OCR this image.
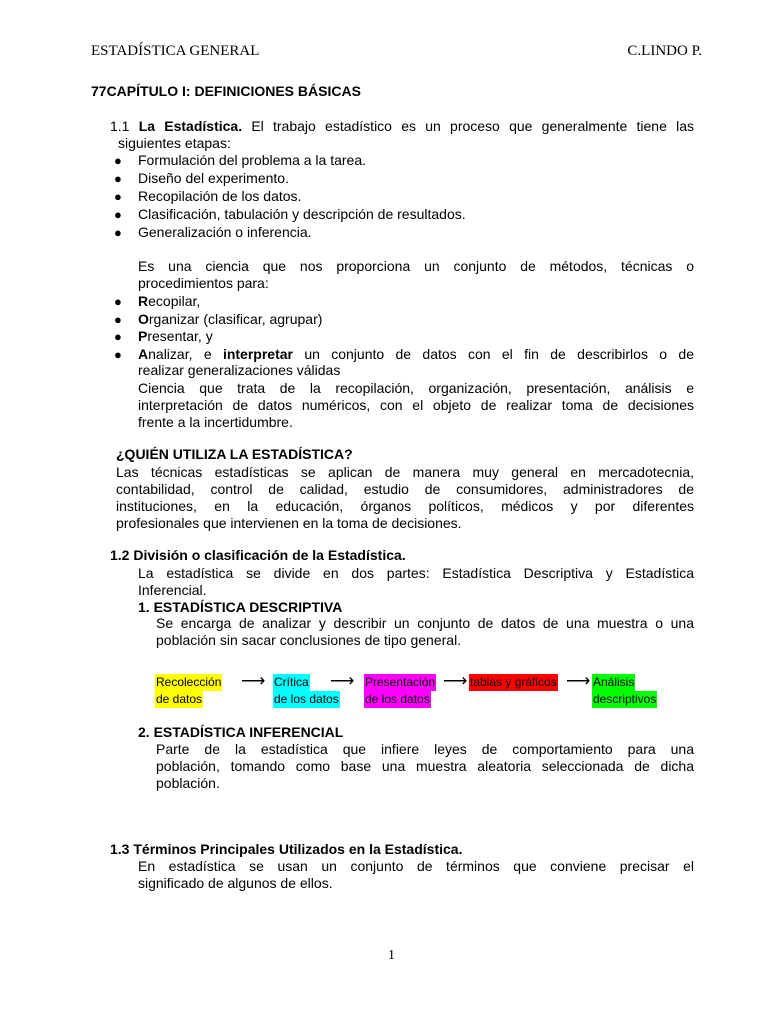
ESTADÍSTICA GENERAL	C.LINDO P.
77CAPÍTULO I: DEFINICIONES BÁSICAS
1.1 La Estadística. El trabajo estadístico es un proceso que generalmente tiene las
siguientes etapas:
● Formulación del problema a la tarea.
● Diseño del experimento.
● Recopilación de los datos.
● Clasificación, tabulación y descripción de resultados.
● Generalización o inferencia.
Es una ciencia que nos proporciona un conjunto de métodos, técnicas o
procedimientos para:
● Recopilar,
● Organizar (clasificar, agrupar)
● Presentar, y
● Analizar, e interpretar un conjunto de datos con el fin de describirlos o de
realizar generalizaciones válidas
Ciencia que trata de la recopilación, organización, presentación, análisis e
interpretación de datos numéricos, con el objeto de realizar toma de decisiones
frente a la incertidumbre.
¿QUIÉN UTILIZA LA ESTADÍSTICA?
Las técnicas estadísticas se aplican de manera muy general en mercadotecnia,
contabilidad, control de calidad, estudio de consumidores, administradores de
instituciones, en la educación, órganos políticos, médicos y por diferentes
profesionales que intervienen en la toma de decisiones.
1.2 División o clasificación de la Estadística.
La estadística se divide en dos partes: Estadística Descriptiva y Estadística
Inferencial.
1. ESTADÍSTICA DESCRIPTIVA
Se encarga de analizar y describir un conjunto de datos de una muestra o una
población sin sacar conclusiones de tipo general.
Recolección
de datos
⟶ Crítica
de los datos
⟶ Presentación
de los datos
⟶ tablas y gráficos ⟶ Análisis
descriptivos
2. ESTADÍSTICA INFERENCIAL
Parte de la estadística que infiere leyes de comportamiento para una
población, tomando como base una muestra aleatoria seleccionada de dicha
población.
1.3 Términos Principales Utilizados en la Estadística.
En estadística se usan un conjunto de términos que conviene precisar el
significado de algunos de ellos.
1
